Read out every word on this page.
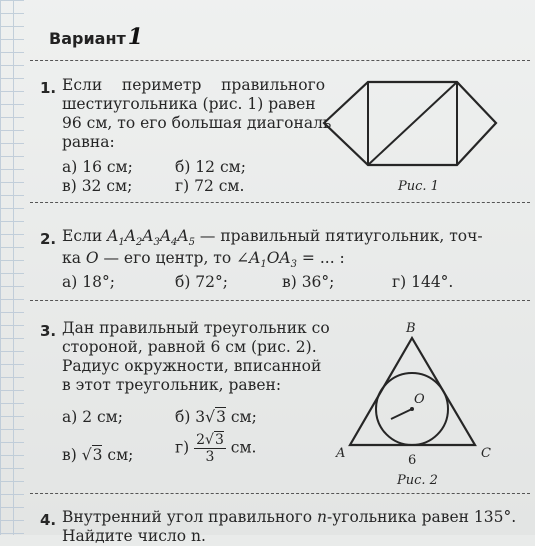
Вариант1
1. Если    периметр    правильного
шестиугольника (рис. 1) равен
96 см, то его большая диагональ
равна:
а) 16 см;	б) 12 см;
в) 32 см;	г) 72 см.	Рис. 1
2. Если $A_1A_2A_3A_4A_5$ — правильный пятиугольник, точ-
ка O — его центр, то $\angle A_1OA_3$ = ... :
а) 18°;	б) 72°;	в) 36°;	г) 144°.
3. Дан правильный треугольник со
стороной, равной 6 см (рис. 2).
Радиус окружности, вписанной
в этот треугольник, равен:
а) 2 см;	б) 3√3 см;
в) √3 см;	$г) \frac{2√3}{3}$ см.
B
O
A	C
6
Рис. 2
4. Внутренний угол правильного n-угольника равен 135°.
Найдите число n.
